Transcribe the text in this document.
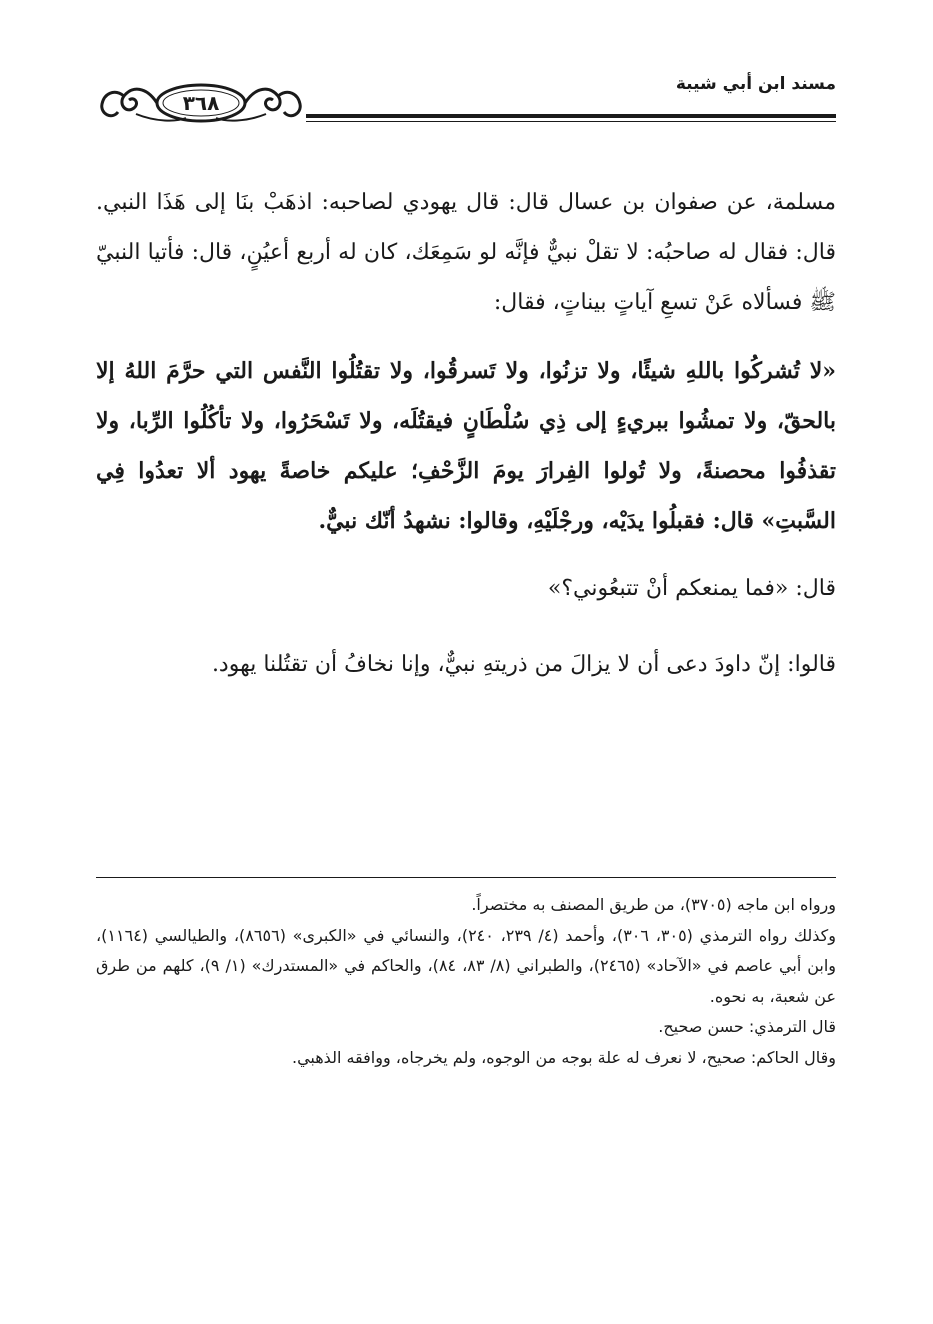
مسند ابن أبي شيبة
٣٦٨

مسلمة، عن صفوان بن عسال قال: قال يهودي لصاحبه: اذهَبْ بنَا إلى هَذَا النبي. قال: فقال له صاحبُه: لا تقلْ نبيٌّ فإنَّه لو سَمِعَك، كان له أربع أعيُنٍ، قال: فأتيا النبيّ ﷺ فسألاه عَنْ تسعِ آياتٍ بيناتٍ، فقال:

«لا تُشركُوا باللهِ شيئًا، ولا تزنُوا، ولا تَسرقُوا، ولا تقتُلُوا النَّفس التي حرَّمَ اللهُ إلا بالحقّ، ولا تمشُوا ببريءٍ إلى ذِي سُلْطَانٍ فيقتُلَه، ولا تَسْحَرُوا، ولا تأكُلُوا الرِّبا، ولا تقذفُوا محصنةً، ولا تُولوا الفِرارَ يومَ الزَّحْفِ؛ عليكم خاصةً يهود ألا تعدُوا فِي السَّبتِ» قال: فقبلُوا يدَيْه، ورجْلَيْهِ، وقالوا: نشهدُ أنّك نبيٌّ.

قال: «فما يمنعكم أنْ تتبعُوني؟»

قالوا: إنّ داودَ دعى أن لا يزالَ من ذريتهِ نبيٌّ، وإنا نخافُ أن تقتُلنا يهود.

ورواه ابن ماجه (٣٧٠٥)، من طريق المصنف به مختصراً.

وكذلك رواه الترمذي (٣٠٥، ٣٠٦)، وأحمد (٤/ ٢٣٩، ٢٤٠)، والنسائي في «الكبرى» (٨٦٥٦)، والطيالسي (١١٦٤)، وابن أبي عاصم في «الآحاد» (٢٤٦٥)، والطبراني (٨/ ٨٣، ٨٤)، والحاكم في «المستدرك» (١/ ٩)، كلهم من طرق عن شعبة، به نحوه.

قال الترمذي: حسن صحيح.

وقال الحاكم: صحيح، لا نعرف له علة بوجه من الوجوه، ولم يخرجاه، ووافقه الذهبي.
